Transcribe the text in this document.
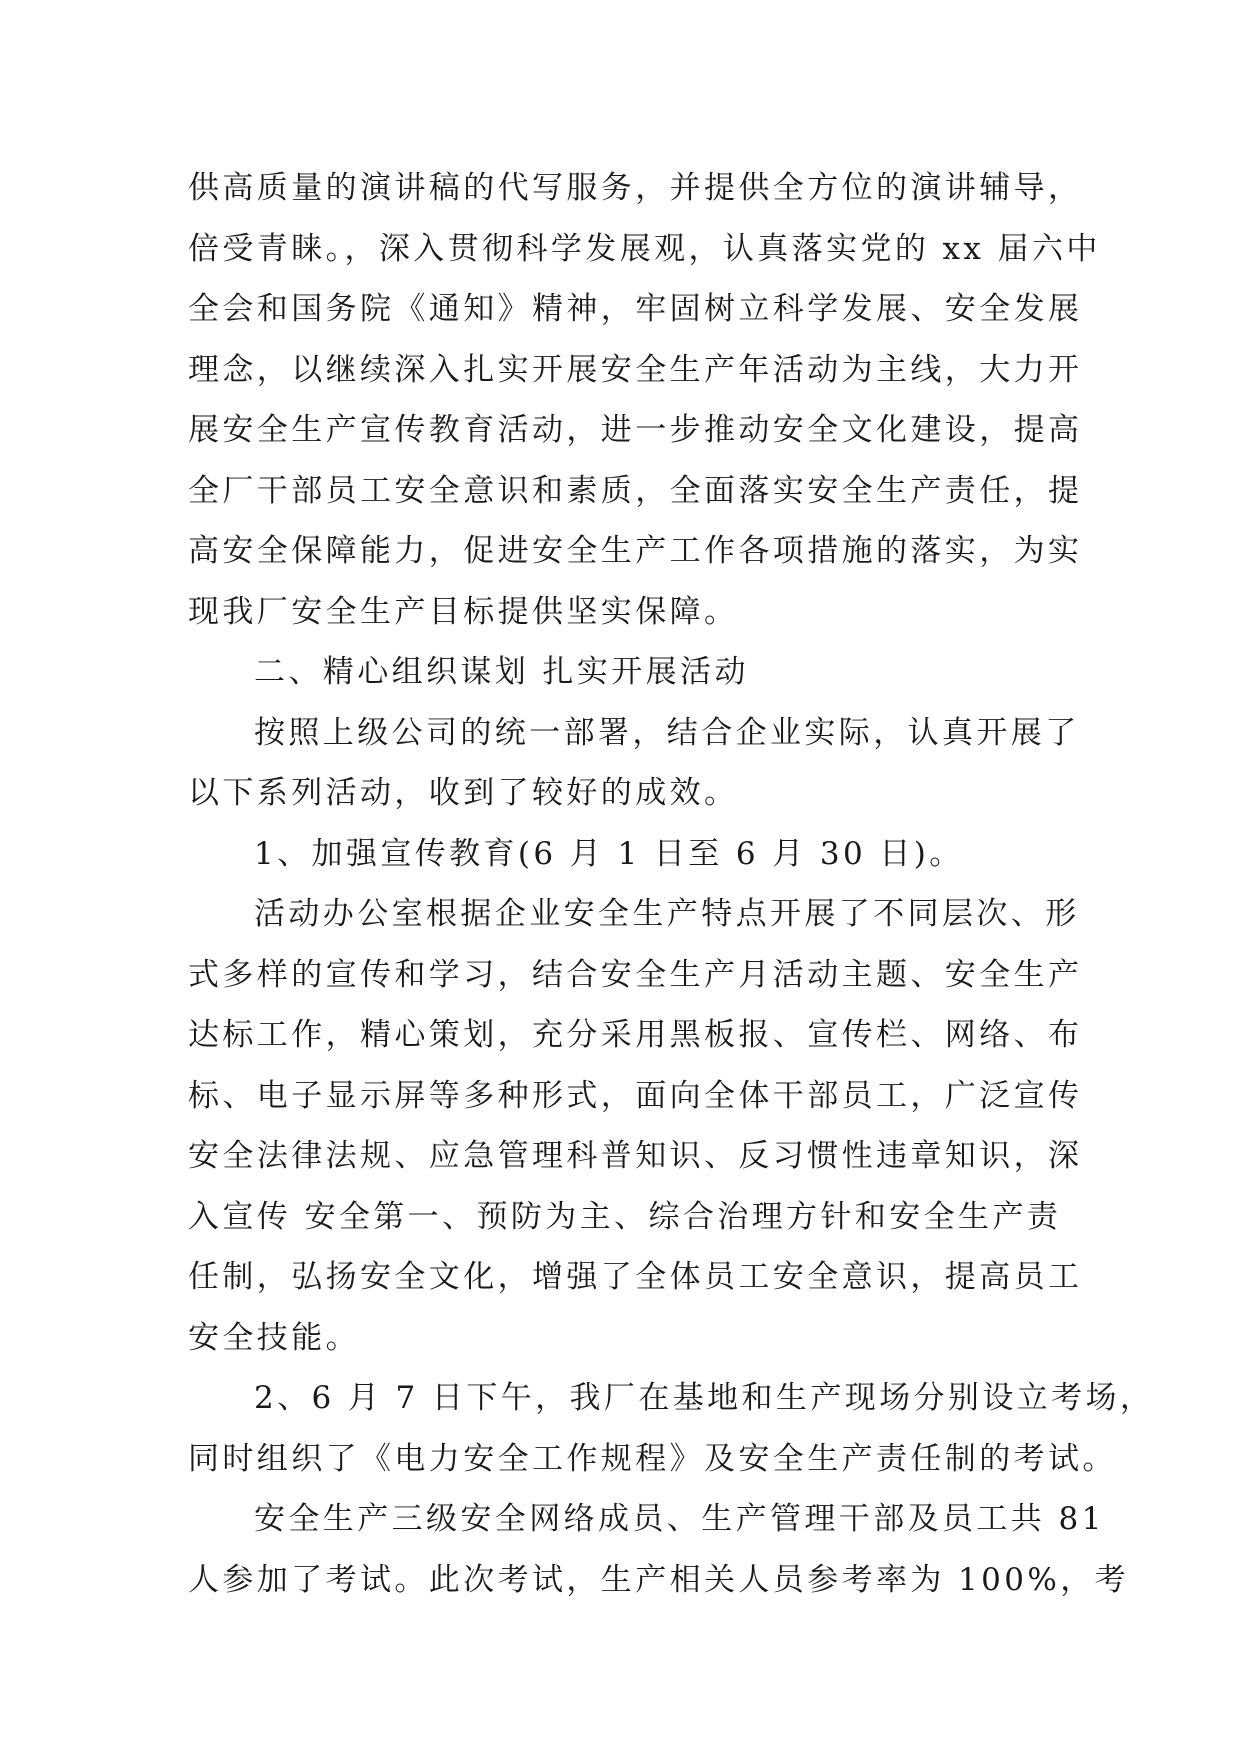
供高质量的演讲稿的代写服务，并提供全方位的演讲辅导，
倍受青睐。，深入贯彻科学发展观，认真落实党的 xx 届六中
全会和国务院《通知》精神，牢固树立科学发展、安全发展
理念，以继续深入扎实开展安全生产年活动为主线，大力开
展安全生产宣传教育活动，进一步推动安全文化建设，提高
全厂干部员工安全意识和素质，全面落实安全生产责任，提
高安全保障能力，促进安全生产工作各项措施的落实，为实
现我厂安全生产目标提供坚实保障。
二、精心组织谋划 扎实开展活动
按照上级公司的统一部署，结合企业实际，认真开展了
以下系列活动，收到了较好的成效。
1、加强宣传教育(6 月 1 日至 6 月 30 日)。
活动办公室根据企业安全生产特点开展了不同层次、形
式多样的宣传和学习，结合安全生产月活动主题、安全生产
达标工作，精心策划，充分采用黑板报、宣传栏、网络、布
标、电子显示屏等多种形式，面向全体干部员工，广泛宣传
安全法律法规、应急管理科普知识、反习惯性违章知识，深
入宣传 安全第一、预防为主、综合治理方针和安全生产责
任制，弘扬安全文化，增强了全体员工安全意识，提高员工
安全技能。
2、6 月 7 日下午，我厂在基地和生产现场分别设立考场，
同时组织了《电力安全工作规程》及安全生产责任制的考试。
安全生产三级安全网络成员、生产管理干部及员工共 81
人参加了考试。此次考试，生产相关人员参考率为 100%，考
